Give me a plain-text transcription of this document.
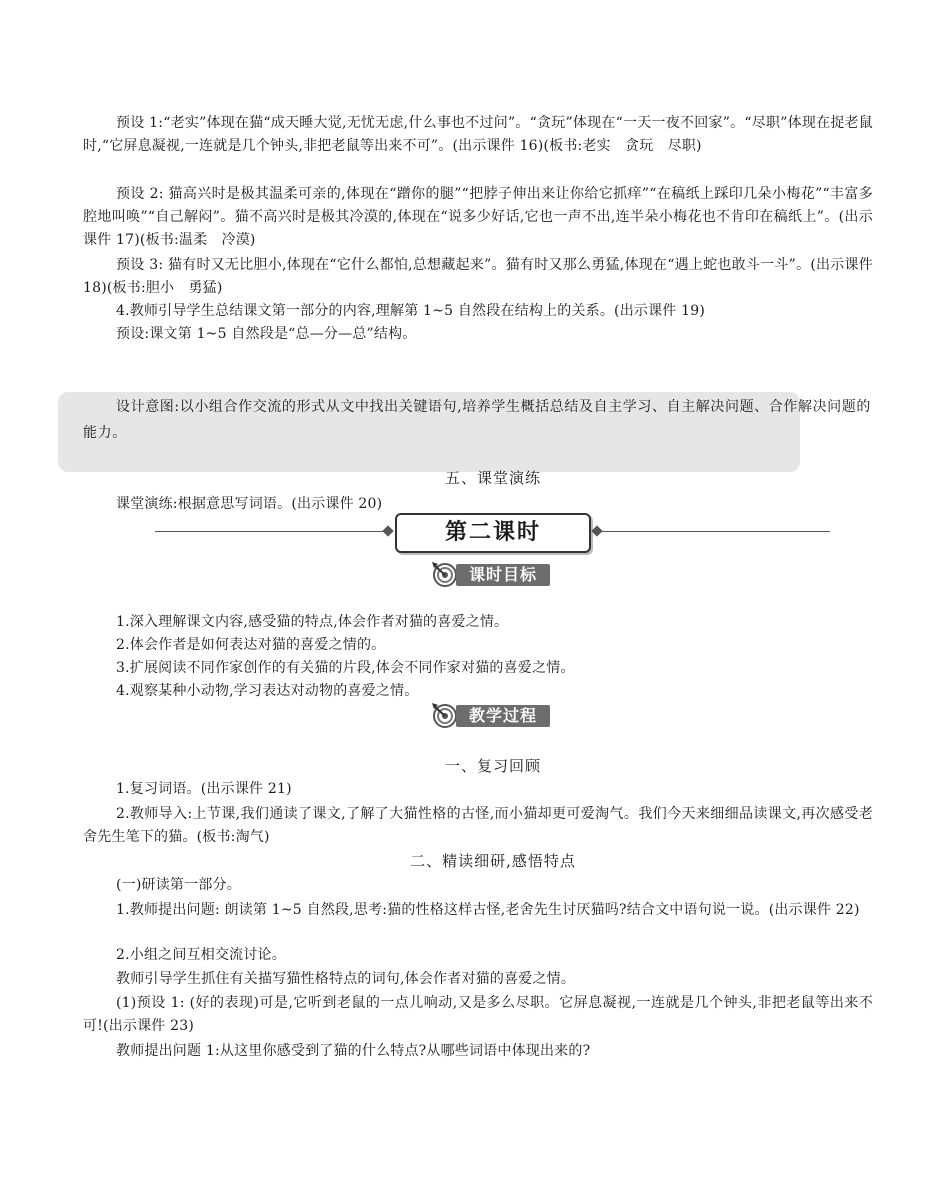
预设 1:“老实”体现在猫“成天睡大觉,无忧无虑,什么事也不过问”。“贪玩”体现在“一天一夜不回家”。“尽职”体现在捉老鼠时,“它屏息凝视,一连就是几个钟头,非把老鼠等出来不可”。(出示课件 16)(板书:老实　贪玩　尽职)

预设 2: 猫高兴时是极其温柔可亲的,体现在“蹭你的腿”“把脖子伸出来让你给它抓痒”“在稿纸上踩印几朵小梅花”“丰富多腔地叫唤”“自己解闷”。猫不高兴时是极其冷漠的,体现在“说多少好话,它也一声不出,连半朵小梅花也不肯印在稿纸上”。(出示课件 17)(板书:温柔　冷漠)

预设 3: 猫有时又无比胆小,体现在“它什么都怕,总想藏起来”。猫有时又那么勇猛,体现在“遇上蛇也敢斗一斗”。(出示课件 18)(板书:胆小　勇猛)

4.教师引导学生总结课文第一部分的内容,理解第 1~5 自然段在结构上的关系。(出示课件 19)

预设:课文第 1~5 自然段是“总—分—总”结构。

设计意图:以小组合作交流的形式从文中找出关键语句,培养学生概括总结及自主学习、自主解决问题、合作解决问题的能力。

五、课堂演练

课堂演练:根据意思写词语。(出示课件 20)

第二课时
课时目标

1.深入理解课文内容,感受猫的特点,体会作者对猫的喜爱之情。

2.体会作者是如何表达对猫的喜爱之情的。

3.扩展阅读不同作家创作的有关猫的片段,体会不同作家对猫的喜爱之情。

4.观察某种小动物,学习表达对动物的喜爱之情。

教学过程

一、复习回顾

1.复习词语。(出示课件 21)

2.教师导入:上节课,我们通读了课文,了解了大猫性格的古怪,而小猫却更可爱淘气。我们今天来细细品读课文,再次感受老舍先生笔下的猫。(板书:淘气)

二、精读细研,感悟特点

(一)研读第一部分。

1.教师提出问题: 朗读第 1~5 自然段,思考:猫的性格这样古怪,老舍先生讨厌猫吗?结合文中语句说一说。(出示课件 22)

2.小组之间互相交流讨论。

教师引导学生抓住有关描写猫性格特点的词句,体会作者对猫的喜爱之情。

(1)预设 1: (好的表现)可是,它听到老鼠的一点儿响动,又是多么尽职。它屏息凝视,一连就是几个钟头,非把老鼠等出来不可!(出示课件 23)

教师提出问题 1:从这里你感受到了猫的什么特点?从哪些词语中体现出来的?
